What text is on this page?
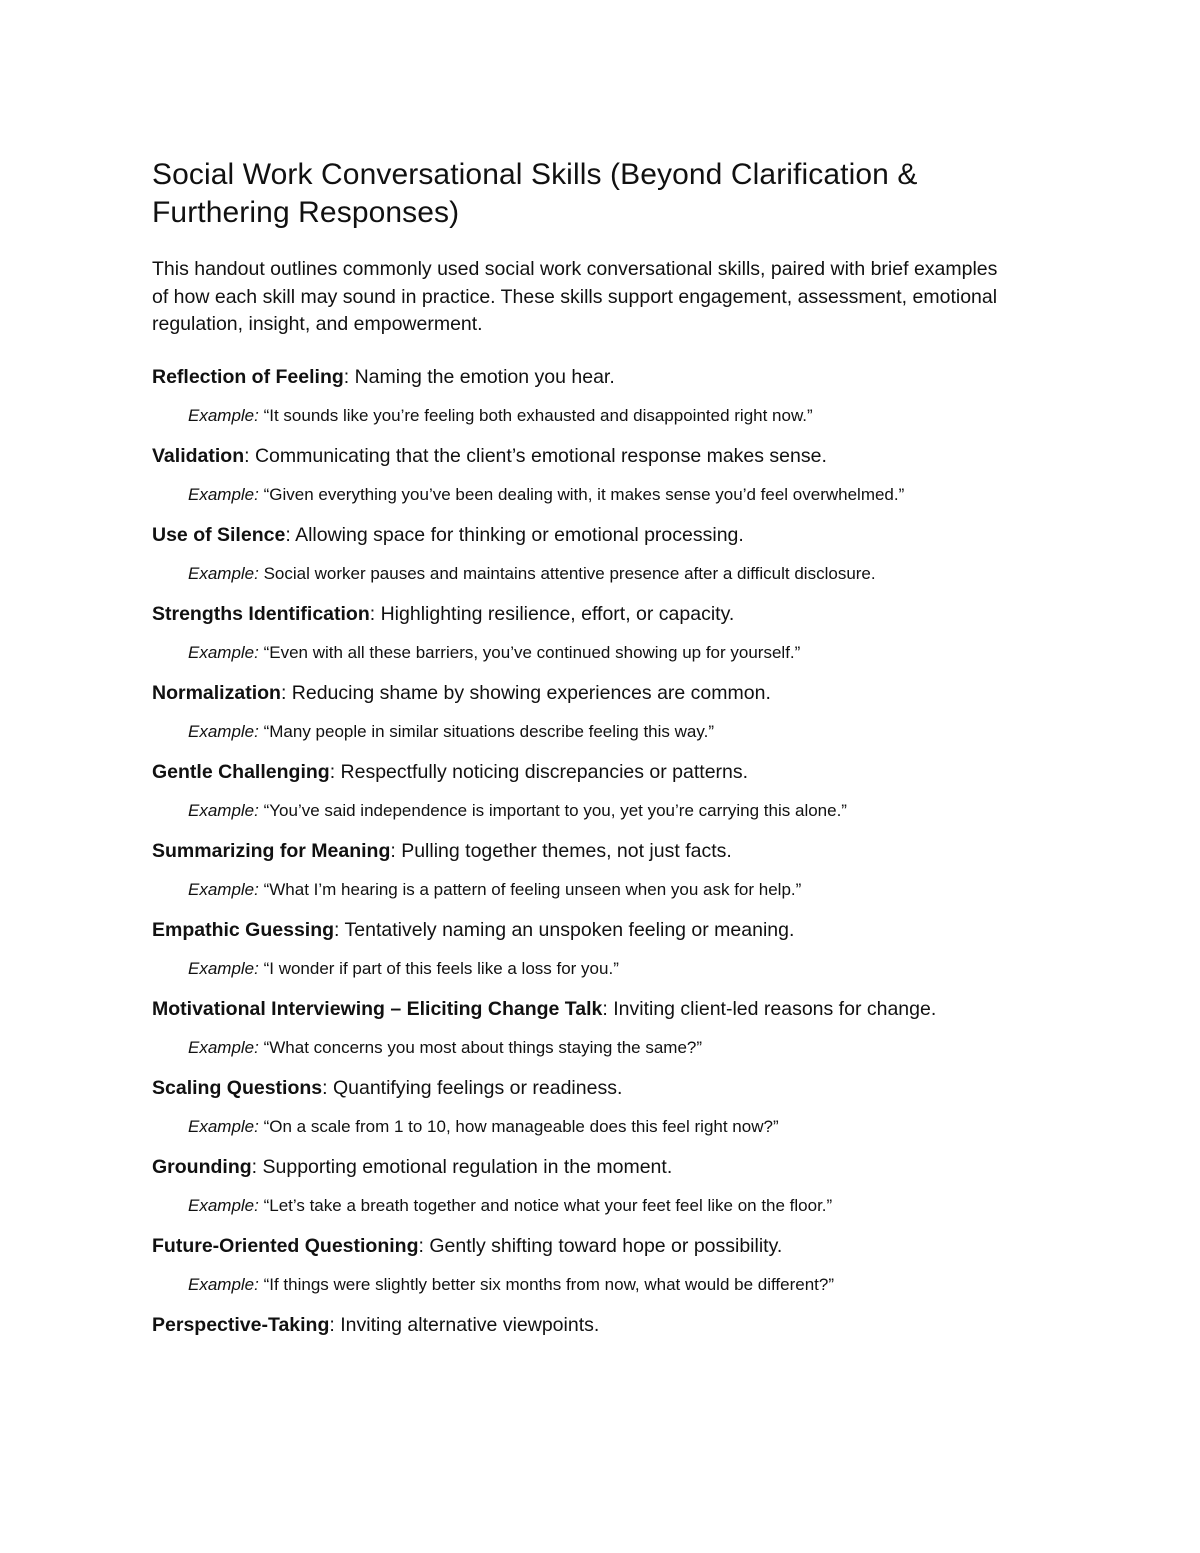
Social Work Conversational Skills (Beyond Clarification & Furthering Responses)

This handout outlines commonly used social work conversational skills, paired with brief examples of how each skill may sound in practice. These skills support engagement, assessment, emotional regulation, insight, and empowerment.

Reflection of Feeling: Naming the emotion you hear.
Example: “It sounds like you’re feeling both exhausted and disappointed right now.”
Validation: Communicating that the client’s emotional response makes sense.
Example: “Given everything you’ve been dealing with, it makes sense you’d feel overwhelmed.”
Use of Silence: Allowing space for thinking or emotional processing.
Example: Social worker pauses and maintains attentive presence after a difficult disclosure.
Strengths Identification: Highlighting resilience, effort, or capacity.
Example: “Even with all these barriers, you’ve continued showing up for yourself.”
Normalization: Reducing shame by showing experiences are common.
Example: “Many people in similar situations describe feeling this way.”
Gentle Challenging: Respectfully noticing discrepancies or patterns.
Example: “You’ve said independence is important to you, yet you’re carrying this alone.”
Summarizing for Meaning: Pulling together themes, not just facts.
Example: “What I’m hearing is a pattern of feeling unseen when you ask for help.”
Empathic Guessing: Tentatively naming an unspoken feeling or meaning.
Example: “I wonder if part of this feels like a loss for you.”
Motivational Interviewing – Eliciting Change Talk: Inviting client-led reasons for change.
Example: “What concerns you most about things staying the same?”
Scaling Questions: Quantifying feelings or readiness.
Example: “On a scale from 1 to 10, how manageable does this feel right now?”
Grounding: Supporting emotional regulation in the moment.
Example: “Let’s take a breath together and notice what your feet feel like on the floor.”
Future-Oriented Questioning: Gently shifting toward hope or possibility.
Example: “If things were slightly better six months from now, what would be different?”
Perspective-Taking: Inviting alternative viewpoints.
